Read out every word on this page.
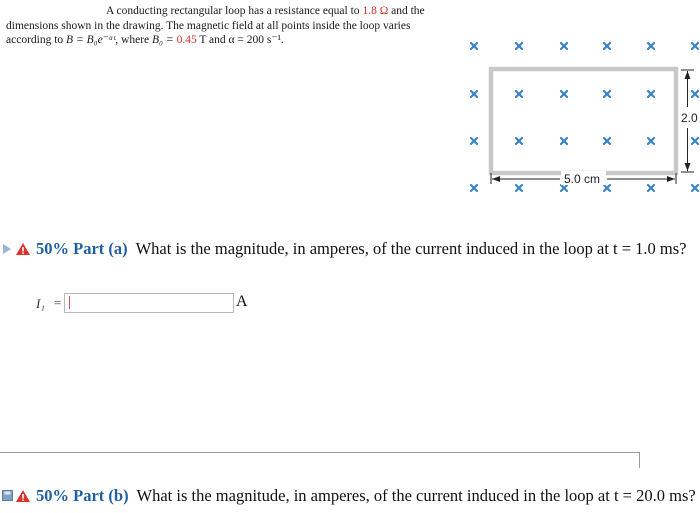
A conducting rectangular loop has a resistance equal to 1.8 Ω and the
dimensions shown in the drawing. The magnetic field at all points inside the loop varies
according to B = B₀e⁻ᵅᵗ, where B₀ = 0.45 T and α = 200 s⁻¹.
2.0
5.0 cm
50% Part (a) What is the magnitude, in amperes, of the current induced in the loop at t = 1.0 ms?
I₁ =	A
50% Part (b) What is the magnitude, in amperes, of the current induced in the loop at t = 20.0 ms?
